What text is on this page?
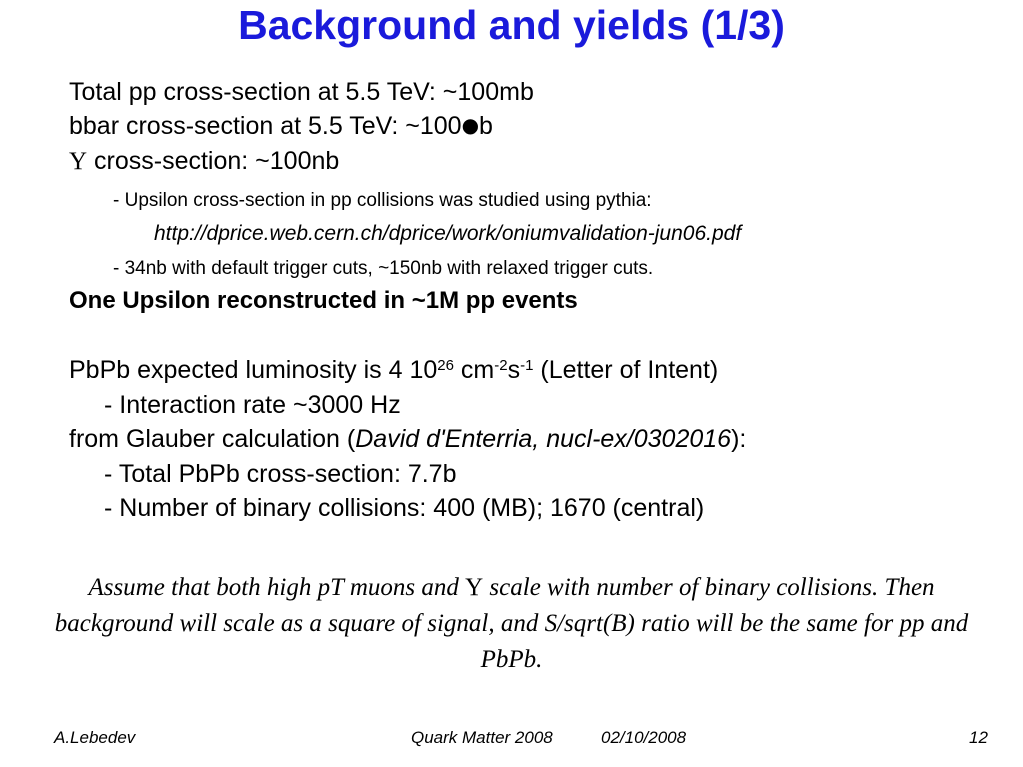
Background and yields (1/3)
Total pp cross-section at 5.5 TeV: ~100mb
bbar cross-section at 5.5 TeV: ~100●b
Υ cross-section: ~100nb
- Upsilon cross-section in pp collisions was studied using pythia:
http://dprice.web.cern.ch/dprice/work/oniumvalidation-jun06.pdf
- 34nb with default trigger cuts, ~150nb with relaxed trigger cuts.
One Upsilon reconstructed in ~1M pp events
PbPb expected luminosity is 4 $10^{26}$ $cm^{-2}s^{-1}$ (Letter of Intent)
- Interaction rate ~3000 Hz
from Glauber calculation (David d'Enterria, nucl-ex/0302016):
- Total PbPb cross-section: 7.7b
- Number of binary collisions: 400 (MB); 1670 (central)
Assume that both high pT muons and Υ scale with number of binary collisions. Then background will scale as a square of signal, and S/sqrt(B) ratio will be the same for pp and PbPb.
A.Lebedev	Quark Matter 2008	02/10/2008	12
